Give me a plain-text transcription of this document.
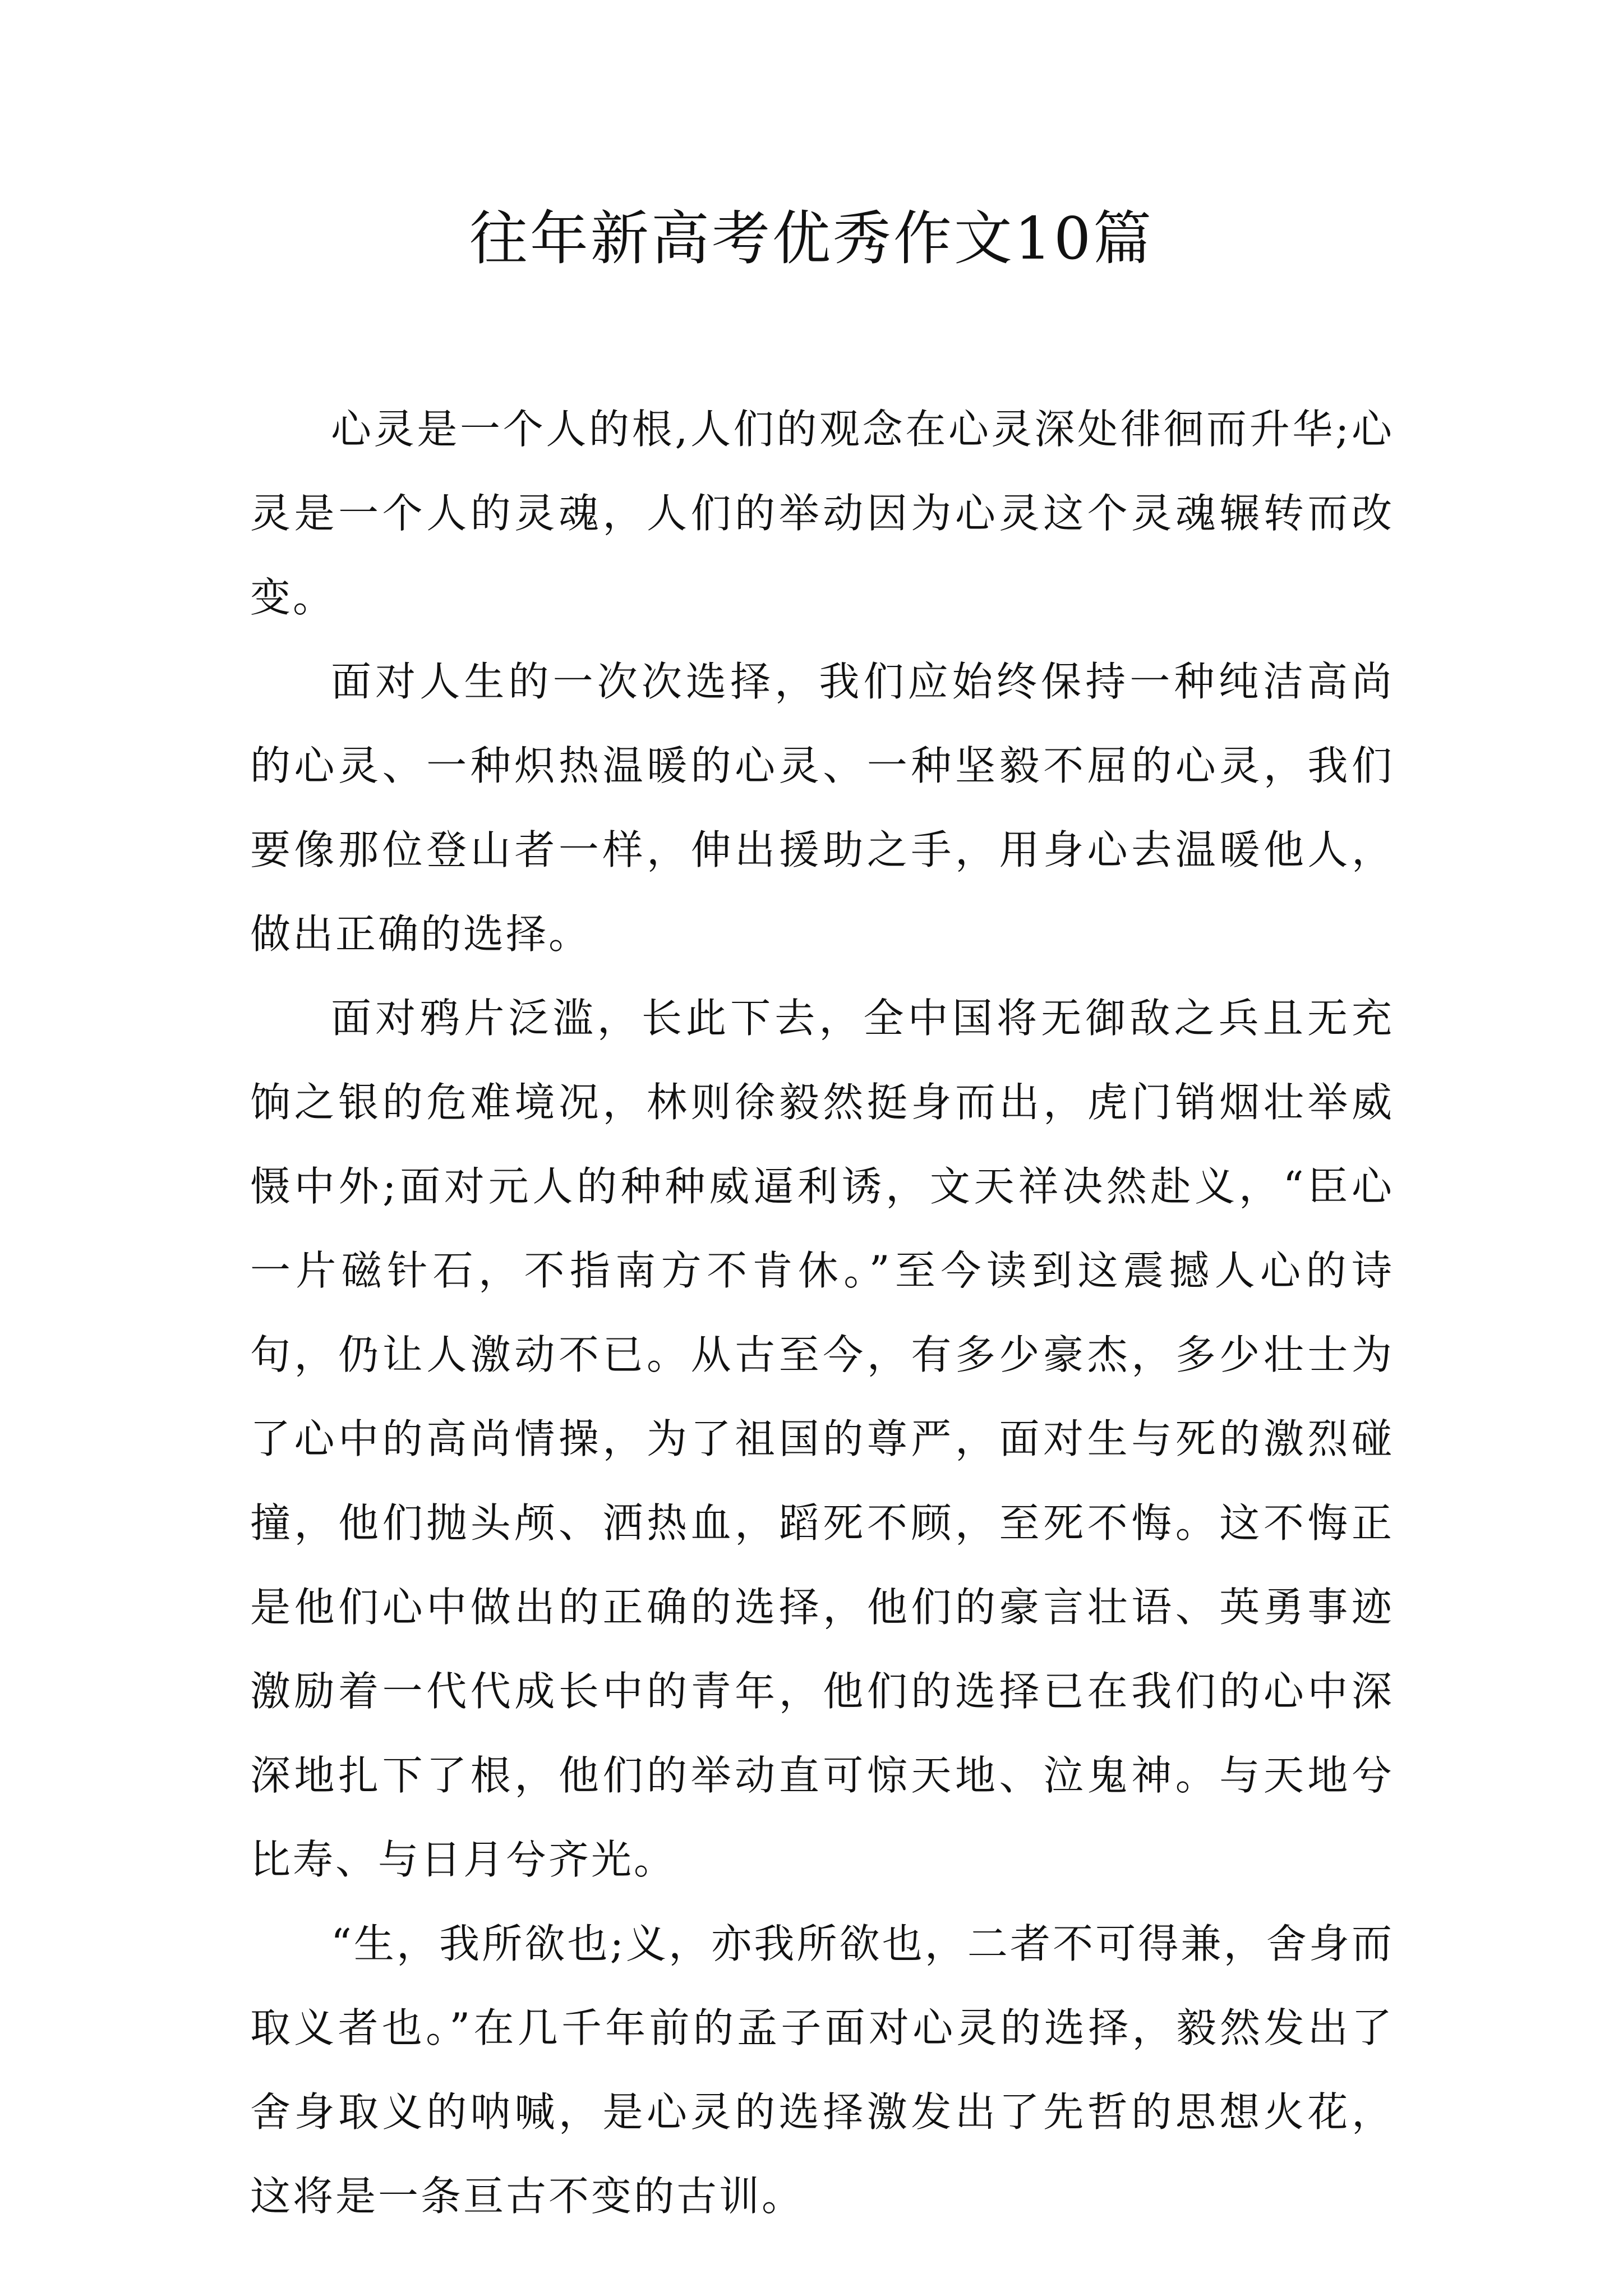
往年新高考优秀作文10篇

心灵是一个人的根,人们的观念在心灵深处徘徊而升华;心灵是一个人的灵魂，人们的举动因为心灵这个灵魂辗转而改变。

面对人生的一次次选择，我们应始终保持一种纯洁高尚的心灵、一种炽热温暖的心灵、一种坚毅不屈的心灵，我们要像那位登山者一样，伸出援助之手，用身心去温暖他人，做出正确的选择。

面对鸦片泛滥，长此下去，全中国将无御敌之兵且无充饷之银的危难境况，林则徐毅然挺身而出，虎门销烟壮举威慑中外;面对元人的种种威逼利诱，文天祥决然赴义，“臣心一片磁针石，不指南方不肯休。”至今读到这震撼人心的诗句，仍让人激动不已。从古至今，有多少豪杰，多少壮士为了心中的高尚情操，为了祖国的尊严，面对生与死的激烈碰撞，他们抛头颅、洒热血，蹈死不顾，至死不悔。这不悔正是他们心中做出的正确的选择，他们的豪言壮语、英勇事迹激励着一代代成长中的青年，他们的选择已在我们的心中深深地扎下了根，他们的举动直可惊天地、泣鬼神。与天地兮比寿、与日月兮齐光。

“生，我所欲也;义，亦我所欲也，二者不可得兼，舍身而取义者也。”在几千年前的孟子面对心灵的选择，毅然发出了舍身取义的呐喊，是心灵的选择激发出了先哲的思想火花，这将是一条亘古不变的古训。
